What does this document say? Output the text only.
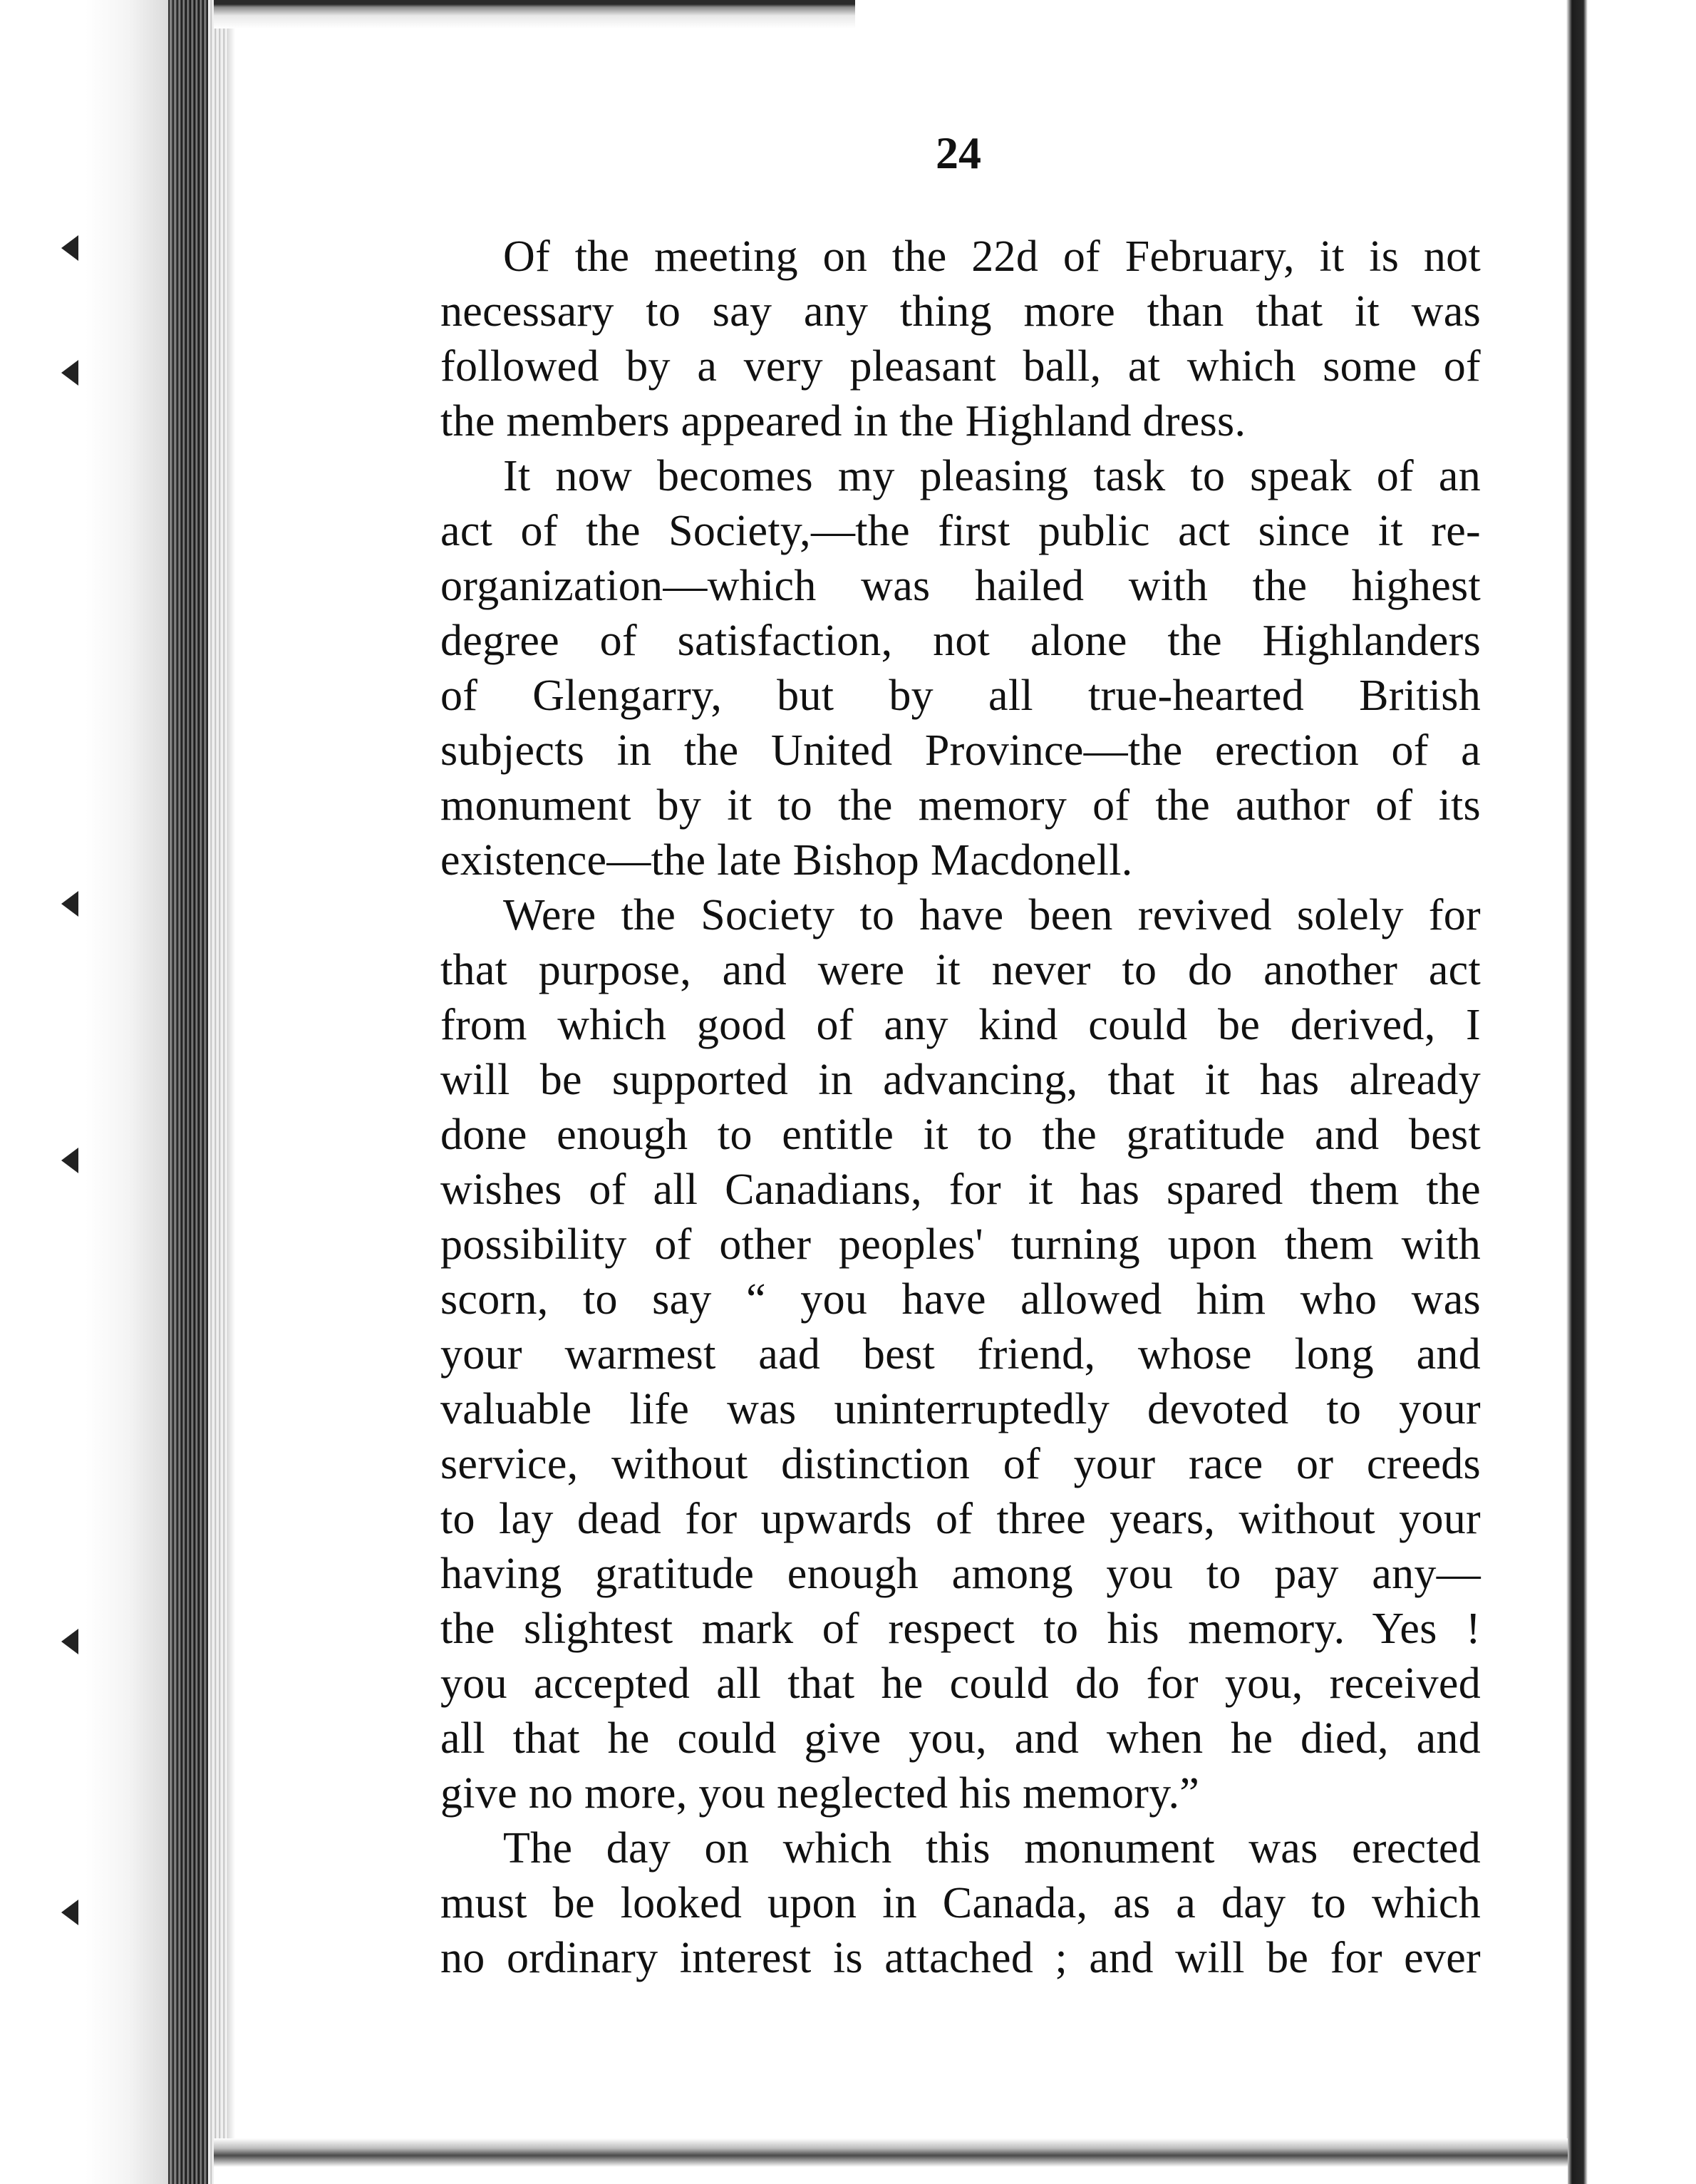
24
Of the meeting on the 22d of February, it is not
necessary to say any thing more than that it was
followed by a very pleasant ball, at which some of
the members appeared in the Highland dress.
It now becomes my pleasing task to speak of an
act of the Society,—the first public act since it re-
organization—which was hailed with the highest
degree of satisfaction, not alone the Highlanders
of Glengarry, but by all true-hearted British
subjects in the United Province—the erection of a
monument by it to the memory of the author of its
existence—the late Bishop Macdonell.
Were the Society to have been revived solely for
that purpose, and were it never to do another act
from which good of any kind could be derived, I
will be supported in advancing, that it has already
done enough to entitle it to the gratitude and best
wishes of all Canadians, for it has spared them the
possibility of other peoples' turning upon them with
scorn, to say “ you have allowed him who was
your warmest aad best friend, whose long and
valuable life was uninterruptedly devoted to your
service, without distinction of your race or creeds
to lay dead for upwards of three years, without your
having gratitude enough among you to pay any—
the slightest mark of respect to his memory. Yes !
you accepted all that he could do for you, received
all that he could give you, and when he died, and
give no more, you neglected his memory.”
The day on which this monument was erected
must be looked upon in Canada, as a day to which
no ordinary interest is attached ; and will be for ever
